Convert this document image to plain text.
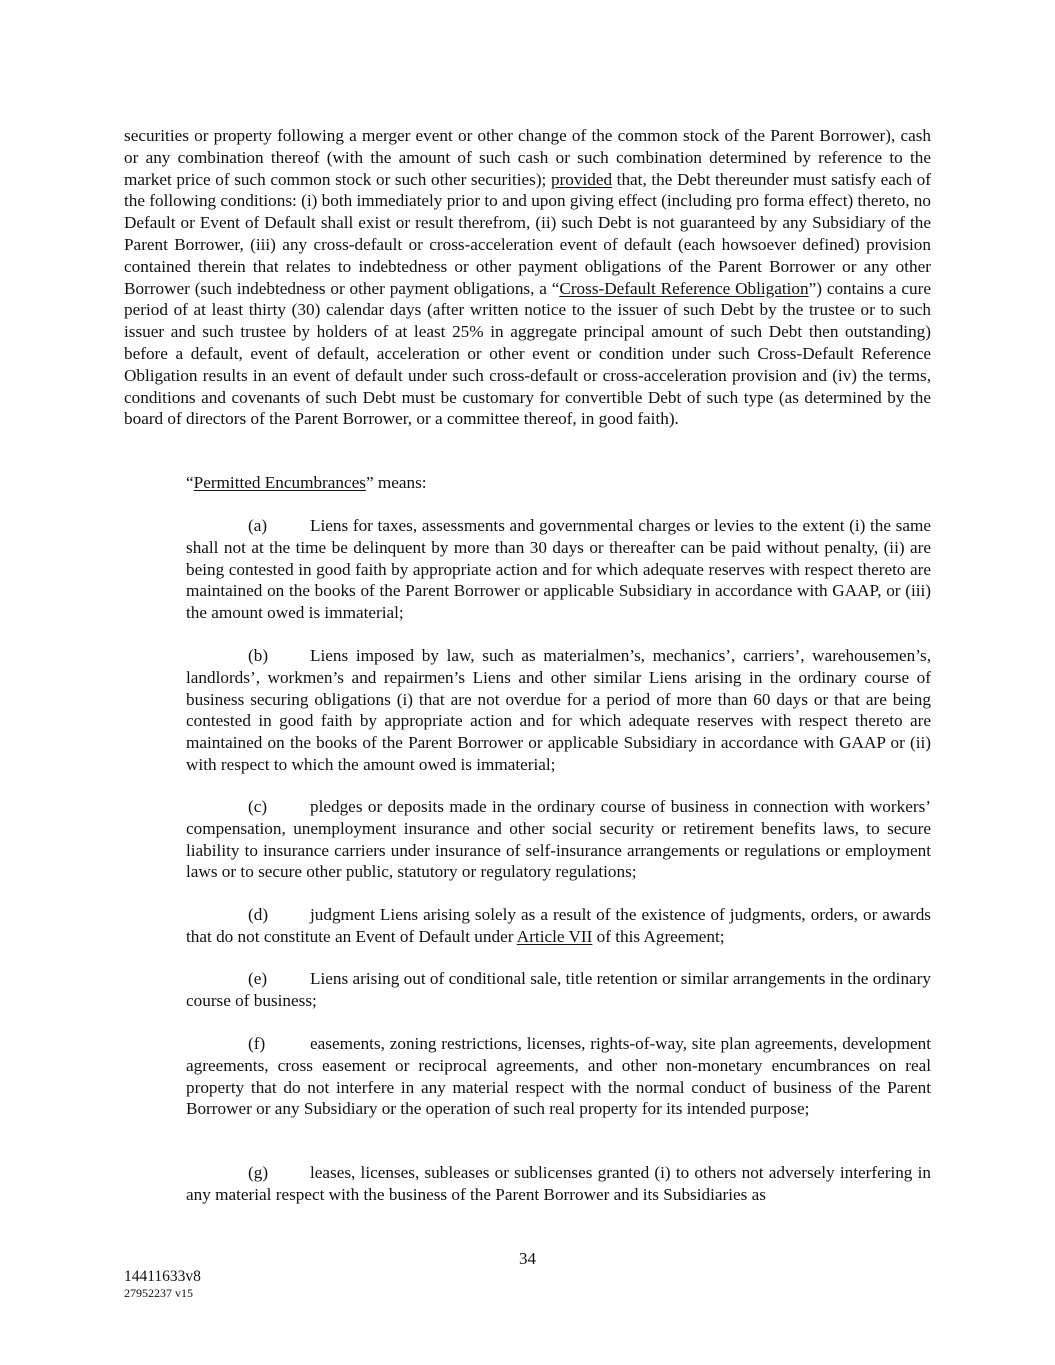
securities or property following a merger event or other change of the common stock of the Parent Borrower), cash or any combination thereof (with the amount of such cash or such combination determined by reference to the market price of such common stock or such other securities); provided that, the Debt thereunder must satisfy each of the following conditions: (i) both immediately prior to and upon giving effect (including pro forma effect) thereto, no Default or Event of Default shall exist or result therefrom, (ii) such Debt is not guaranteed by any Subsidiary of the Parent Borrower, (iii) any cross-default or cross-acceleration event of default (each howsoever defined) provision contained therein that relates to indebtedness or other payment obligations of the Parent Borrower or any other Borrower (such indebtedness or other payment obligations, a “Cross-Default Reference Obligation”) contains a cure period of at least thirty (30) calendar days (after written notice to the issuer of such Debt by the trustee or to such issuer and such trustee by holders of at least 25% in aggregate principal amount of such Debt then outstanding) before a default, event of default, acceleration or other event or condition under such Cross-Default Reference Obligation results in an event of default under such cross-default or cross-acceleration provision and (iv) the terms, conditions and covenants of such Debt must be customary for convertible Debt of such type (as determined by the board of directors of the Parent Borrower, or a committee thereof, in good faith).

“Permitted Encumbrances” means:

(a) Liens for taxes, assessments and governmental charges or levies to the extent (i) the same shall not at the time be delinquent by more than 30 days or thereafter can be paid without penalty, (ii) are being contested in good faith by appropriate action and for which adequate reserves with respect thereto are maintained on the books of the Parent Borrower or applicable Subsidiary in accordance with GAAP, or (iii) the amount owed is immaterial;

(b) Liens imposed by law, such as materialmen’s, mechanics’, carriers’, warehousemen’s, landlords’, workmen’s and repairmen’s Liens and other similar Liens arising in the ordinary course of business securing obligations (i) that are not overdue for a period of more than 60 days or that are being contested in good faith by appropriate action and for which adequate reserves with respect thereto are maintained on the books of the Parent Borrower or applicable Subsidiary in accordance with GAAP or (ii) with respect to which the amount owed is immaterial;

(c) pledges or deposits made in the ordinary course of business in connection with workers’ compensation, unemployment insurance and other social security or retirement benefits laws, to secure liability to insurance carriers under insurance of self-insurance arrangements or regulations or employment laws or to secure other public, statutory or regulatory regulations;

(d) judgment Liens arising solely as a result of the existence of judgments, orders, or awards that do not constitute an Event of Default under Article VII of this Agreement;

(e) Liens arising out of conditional sale, title retention or similar arrangements in the ordinary course of business;

(f)	easements, zoning restrictions, licenses, rights-of-way, site plan agreements, development agreements, cross easement or reciprocal agreements, and other non-monetary encumbrances on real property that do not interfere in any material respect with the normal conduct of business of the Parent Borrower or any Subsidiary or the operation of such real property for its intended purpose;

(g) leases, licenses, subleases or sublicenses granted (i) to others not adversely interfering in any material respect with the business of the Parent Borrower and its Subsidiaries as

34
14411633v8
27952237 v15
